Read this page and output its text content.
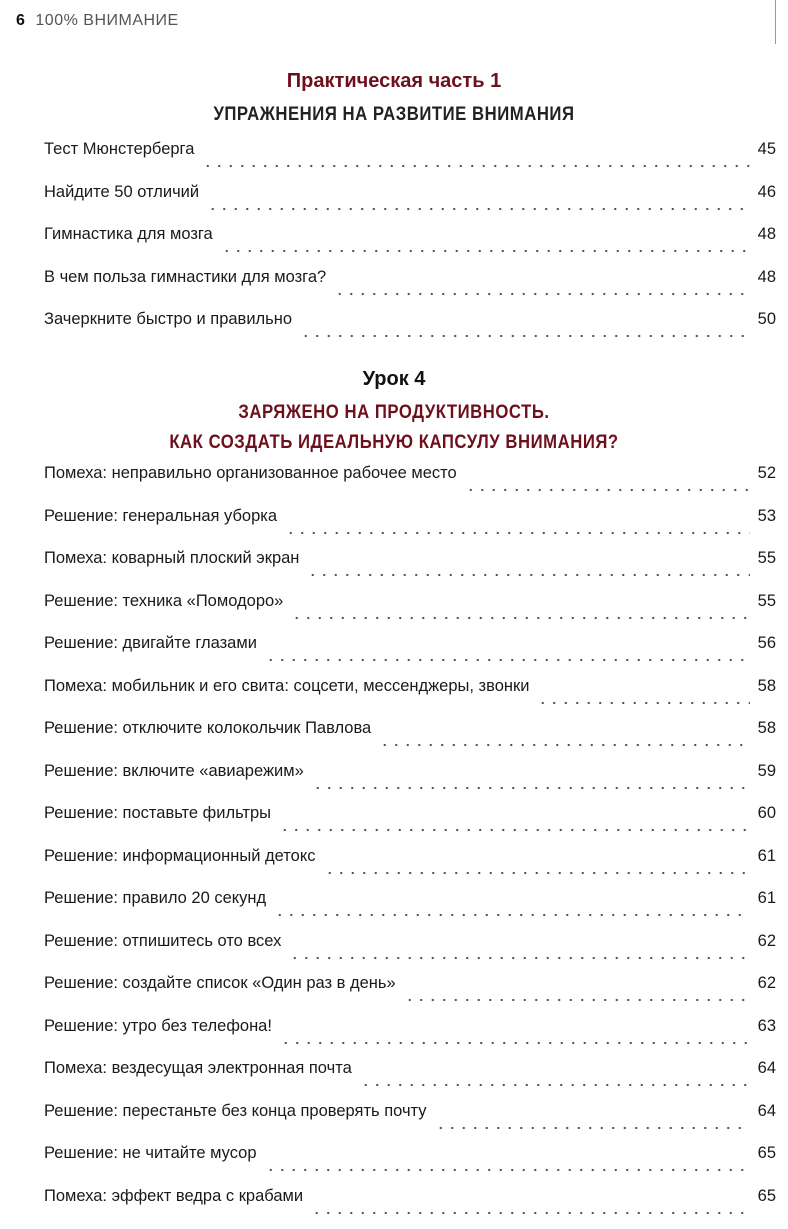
6 100% ВНИМАНИЕ
Практическая часть 1
УПРАЖНЕНИЯ НА РАЗВИТИЕ ВНИМАНИЯ
Тест Мюнстерберга	45
Найдите 50 отличий	46
Гимнастика для мозга	48
В чем польза гимнастики для мозга?	48
Зачеркните быстро и правильно	50
Урок 4
ЗАРЯЖЕНО НА ПРОДУКТИВНОСТЬ.
КАК СОЗДАТЬ ИДЕАЛЬНУЮ КАПСУЛУ ВНИМАНИЯ?
Помеха: неправильно организованное рабочее место	52
Решение: генеральная уборка	53
Помеха: коварный плоский экран	55
Решение: техника «Помодоро»	55
Решение: двигайте глазами	56
Помеха: мобильник и его свита: соцсети, мессенджеры, звонки	58
Решение: отключите колокольчик Павлова	58
Решение: включите «авиарежим»	59
Решение: поставьте фильтры	60
Решение: информационный детокс	61
Решение: правило 20 секунд	61
Решение: отпишитесь ото всех	62
Решение: создайте список «Один раз в день»	62
Решение: утро без телефона!	63
Помеха: вездесущая электронная почта	64
Решение: перестаньте без конца проверять почту	64
Решение: не читайте мусор	65
Помеха: эффект ведра с крабами	65
